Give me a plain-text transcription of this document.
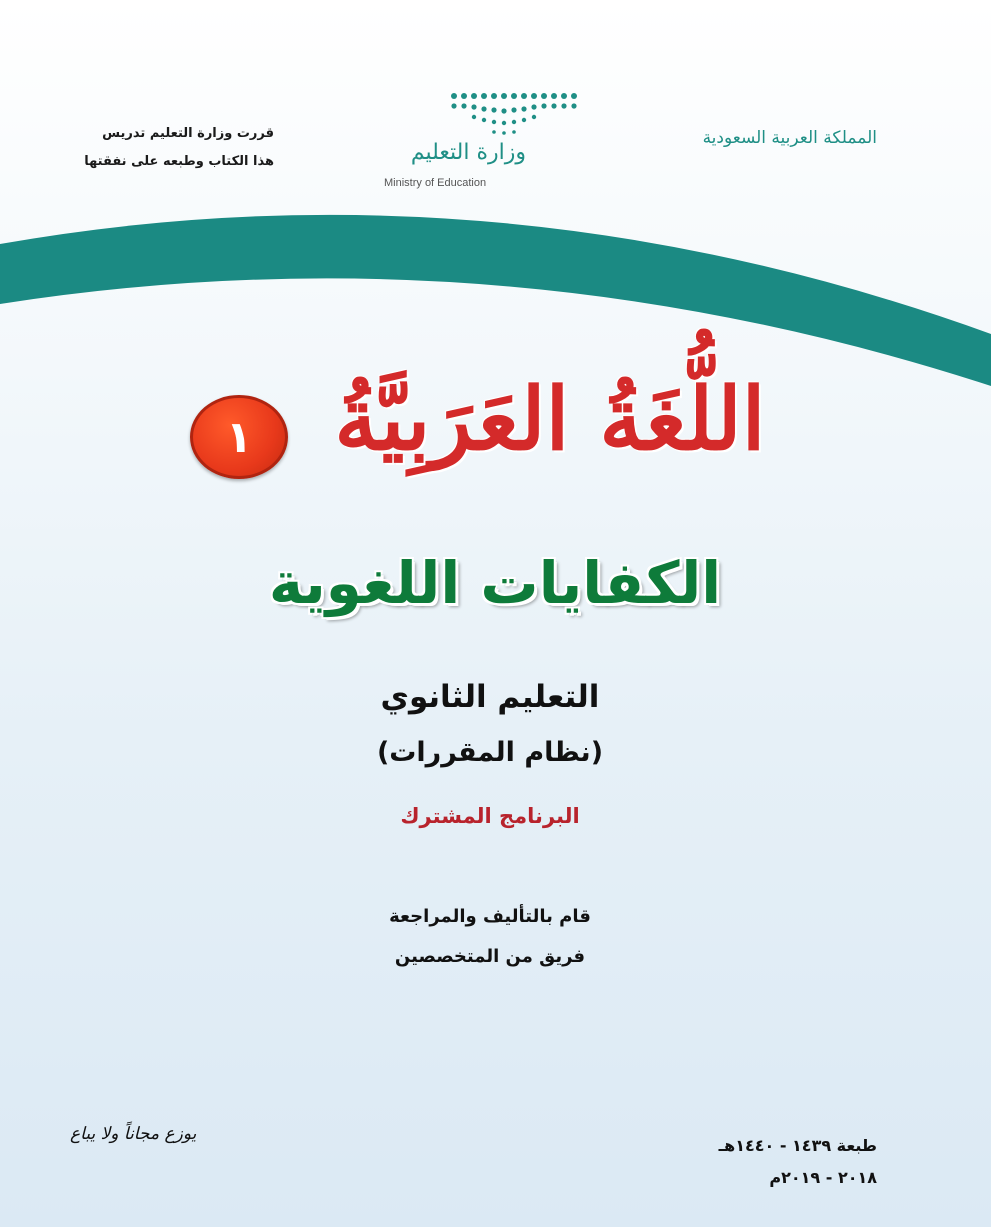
المملكة العربية السعودية
قررت وزارة التعليم تدريس
هذا الكتاب وطبعه على نفقتها	وزارة التعليم
Ministry of Education
١ اللُّغَةُ العَرَبِيَّةُ
الكفايات اللغوية
التعليم الثانوي
(نظام المقررات)
البرنامج المشترك
قام بالتأليف والمراجعة
فريق من المتخصصين
طبعة ١٤٣٩ - ١٤٤٠هـ
٢٠١٨ - ٢٠١٩م
يوزع مجاناً ولا يباع
